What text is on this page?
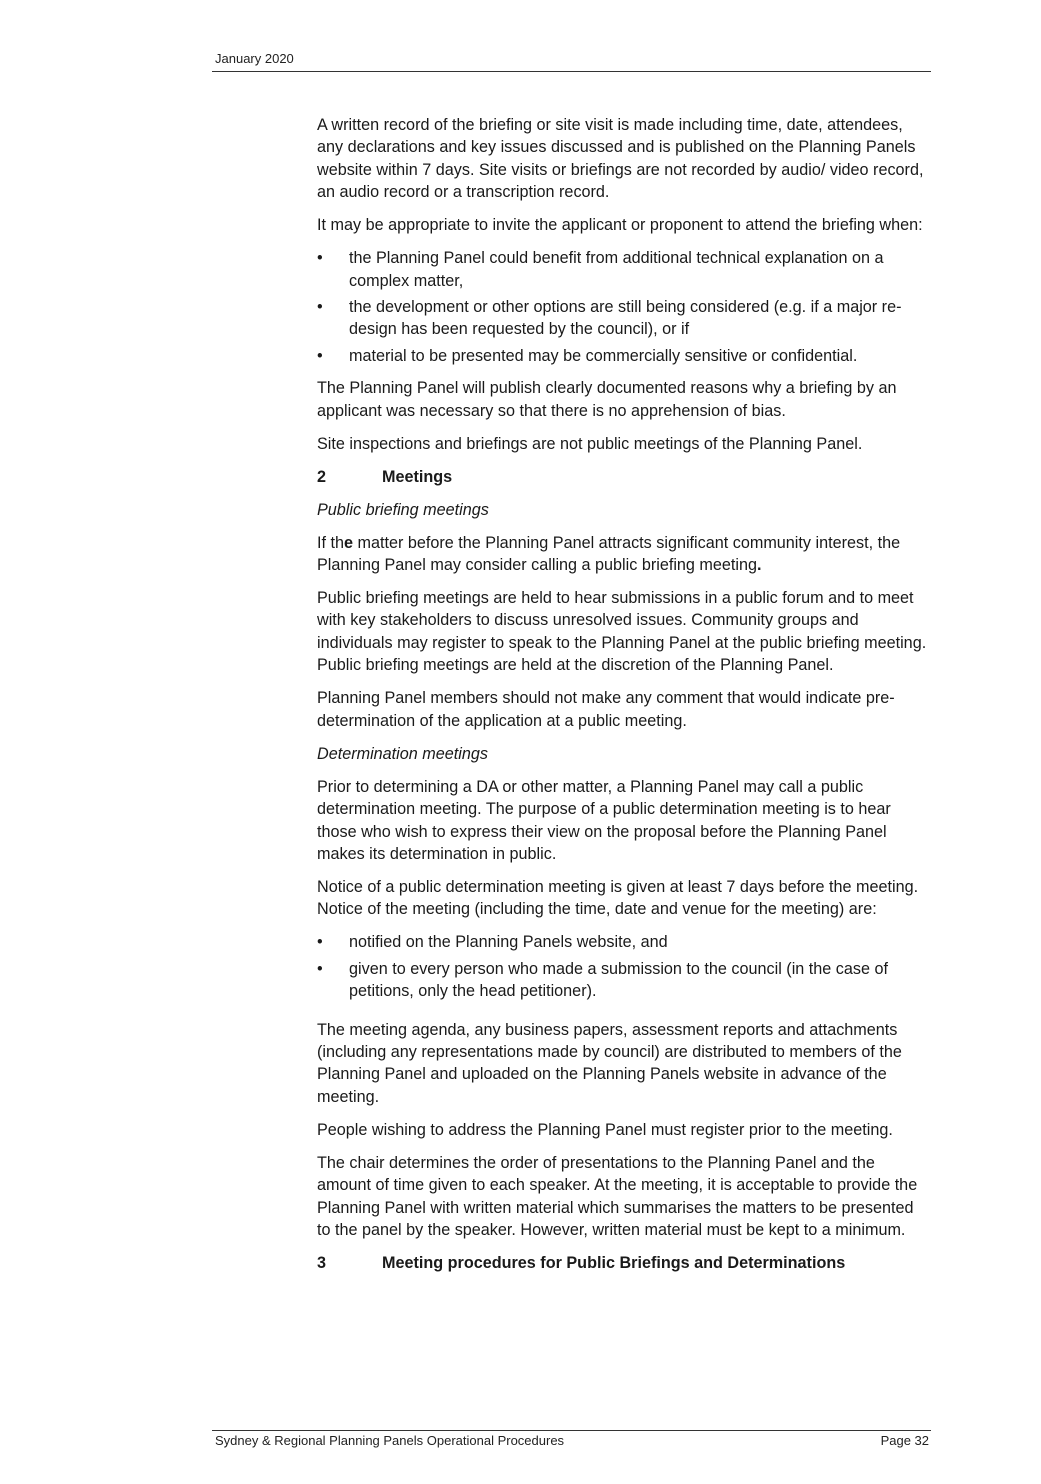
January 2020

A written record of the briefing or site visit is made including time, date, attendees, any declarations and key issues discussed and is published on the Planning Panels website within 7 days. Site visits or briefings are not recorded by audio/ video record, an audio record or a transcription record.

It may be appropriate to invite the applicant or proponent to attend the briefing when:

•	the Planning Panel could benefit from additional technical explanation on a complex matter,
•	the development or other options are still being considered (e.g. if a major re-design has been requested by the council), or if
•	material to be presented may be commercially sensitive or confidential.

The Planning Panel will publish clearly documented reasons why a briefing by an applicant was necessary so that there is no apprehension of bias.

Site inspections and briefings are not public meetings of the Planning Panel.

2	Meetings

Public briefing meetings

If the matter before the Planning Panel attracts significant community interest, the Planning Panel may consider calling a public briefing meeting.

Public briefing meetings are held to hear submissions in a public forum and to meet with key stakeholders to discuss unresolved issues. Community groups and individuals may register to speak to the Planning Panel at the public briefing meeting. Public briefing meetings are held at the discretion of the Planning Panel.

Planning Panel members should not make any comment that would indicate pre-determination of the application at a public meeting.

Determination meetings

Prior to determining a DA or other matter, a Planning Panel may call a public determination meeting. The purpose of a public determination meeting is to hear those who wish to express their view on the proposal before the Planning Panel makes its determination in public.

Notice of a public determination meeting is given at least 7 days before the meeting. Notice of the meeting (including the time, date and venue for the meeting) are:

•	notified on the Planning Panels website, and
•	given to every person who made a submission to the council (in the case of petitions, only the head petitioner).

The meeting agenda, any business papers, assessment reports and attachments (including any representations made by council) are distributed to members of the Planning Panel and uploaded on the Planning Panels website in advance of the meeting.

People wishing to address the Planning Panel must register prior to the meeting.

The chair determines the order of presentations to the Planning Panel and the amount of time given to each speaker. At the meeting, it is acceptable to provide the Planning Panel with written material which summarises the matters to be presented to the panel by the speaker. However, written material must be kept to a minimum.

3	Meeting procedures for Public Briefings and Determinations
Sydney & Regional Planning Panels Operational Procedures	Page 32
